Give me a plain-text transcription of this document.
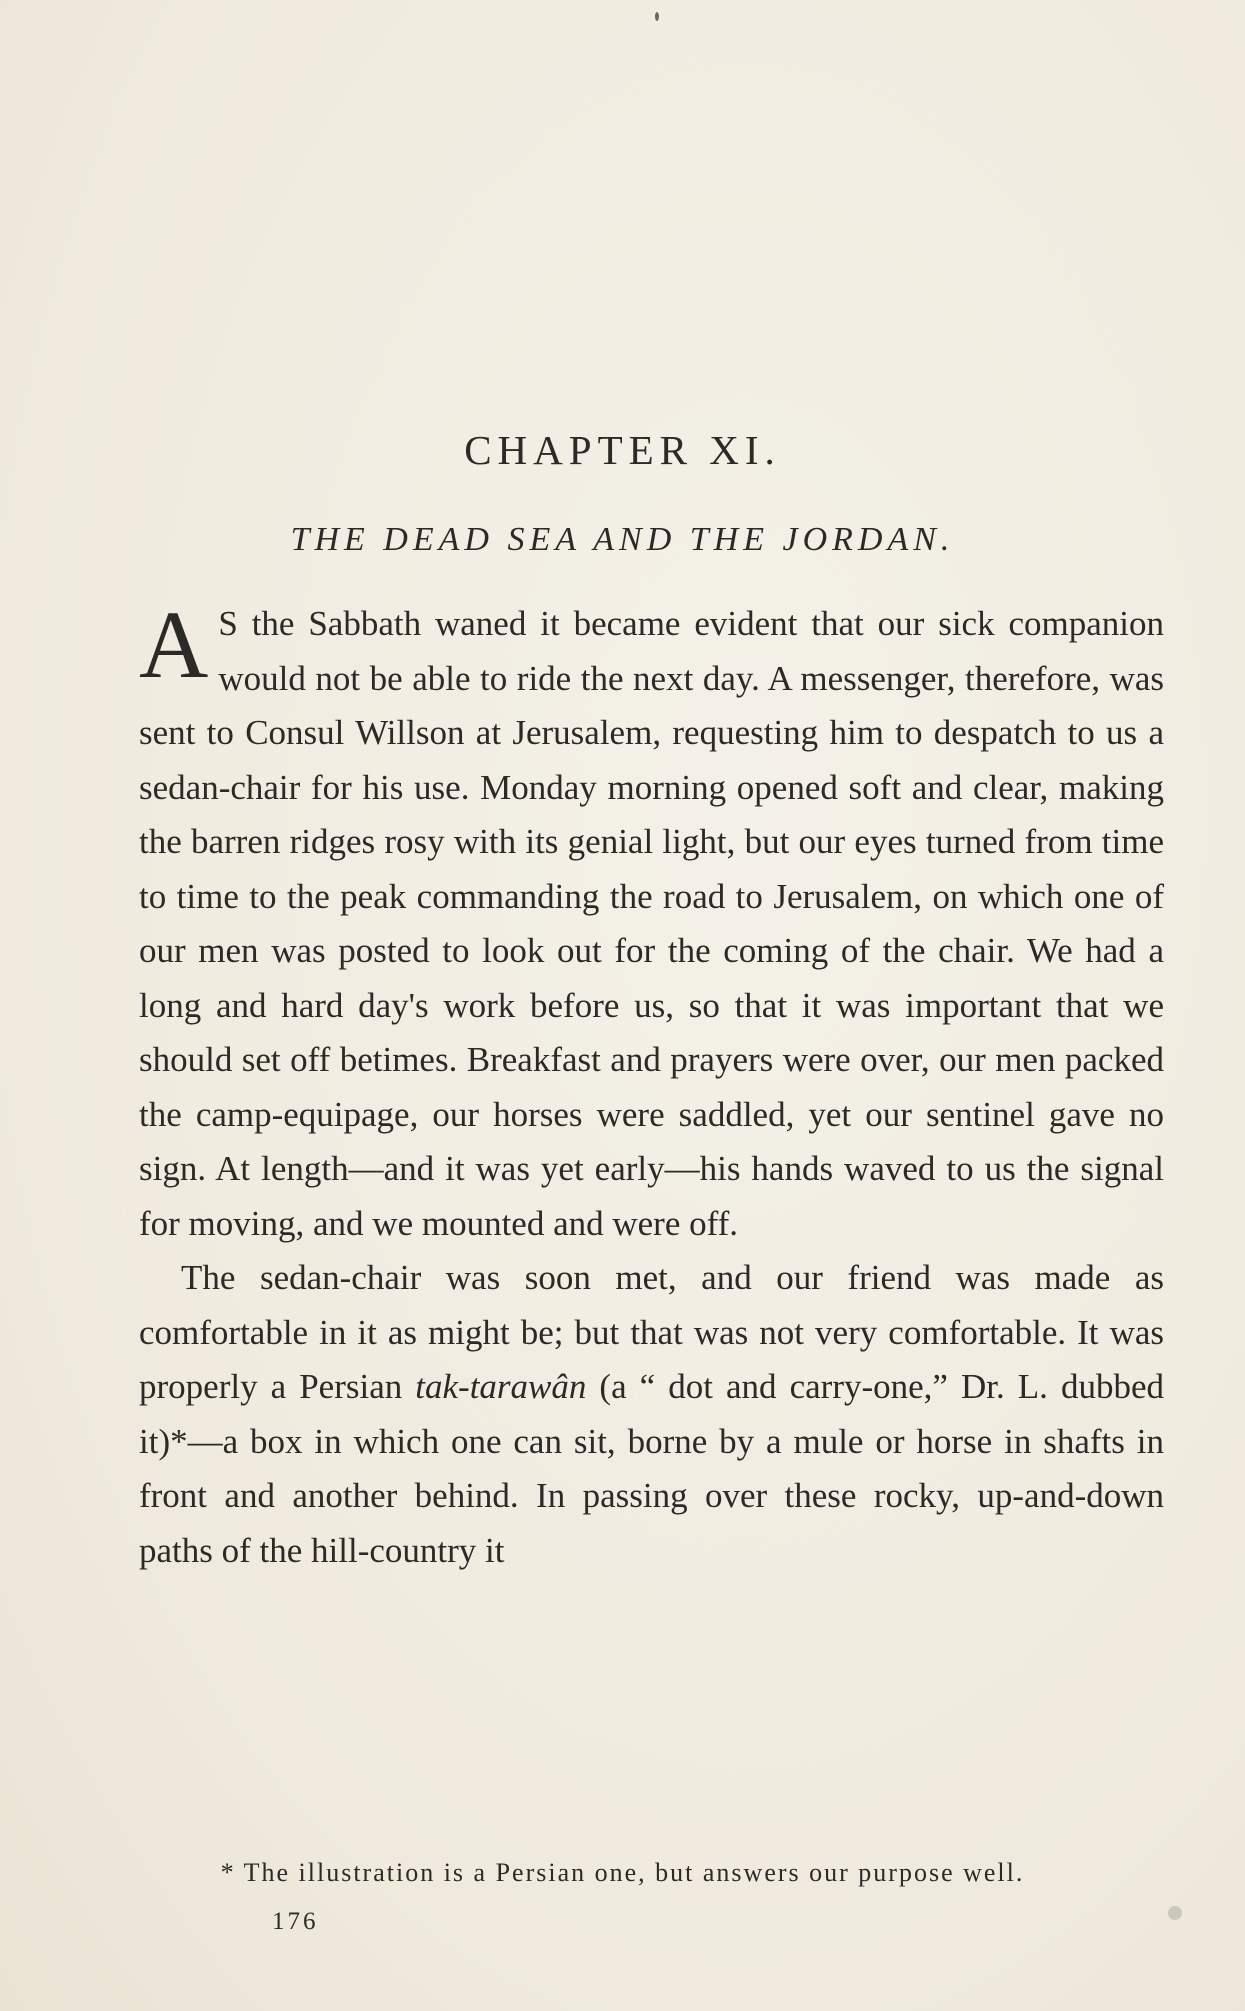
CHAPTER XI.
THE DEAD SEA AND THE JORDAN.

A S the Sabbath waned it became evident that our sick companion would not be able to ride the next day. A messenger, therefore, was sent to Consul Willson at Jerusalem, requesting him to despatch to us a sedan-chair for his use. Monday morning opened soft and clear, making the barren ridges rosy with its genial light, but our eyes turned from time to time to the peak commanding the road to Jerusalem, on which one of our men was posted to look out for the coming of the chair. We had a long and hard day's work before us, so that it was important that we should set off betimes. Breakfast and prayers were over, our men packed the camp-equipage, our horses were saddled, yet our sentinel gave no sign. At length—and it was yet early—his hands waved to us the signal for moving, and we mounted and were off.

The sedan-chair was soon met, and our friend was made as comfortable in it as might be; but that was not very comfortable. It was properly a Persian tak-tarawân (a “ dot and carry-one,” Dr. L. dubbed it)*—a box in which one can sit, borne by a mule or horse in shafts in front and another behind. In passing over these rocky, up-and-down paths of the hill-country it

* The illustration is a Persian one, but answers our purpose well.
176
